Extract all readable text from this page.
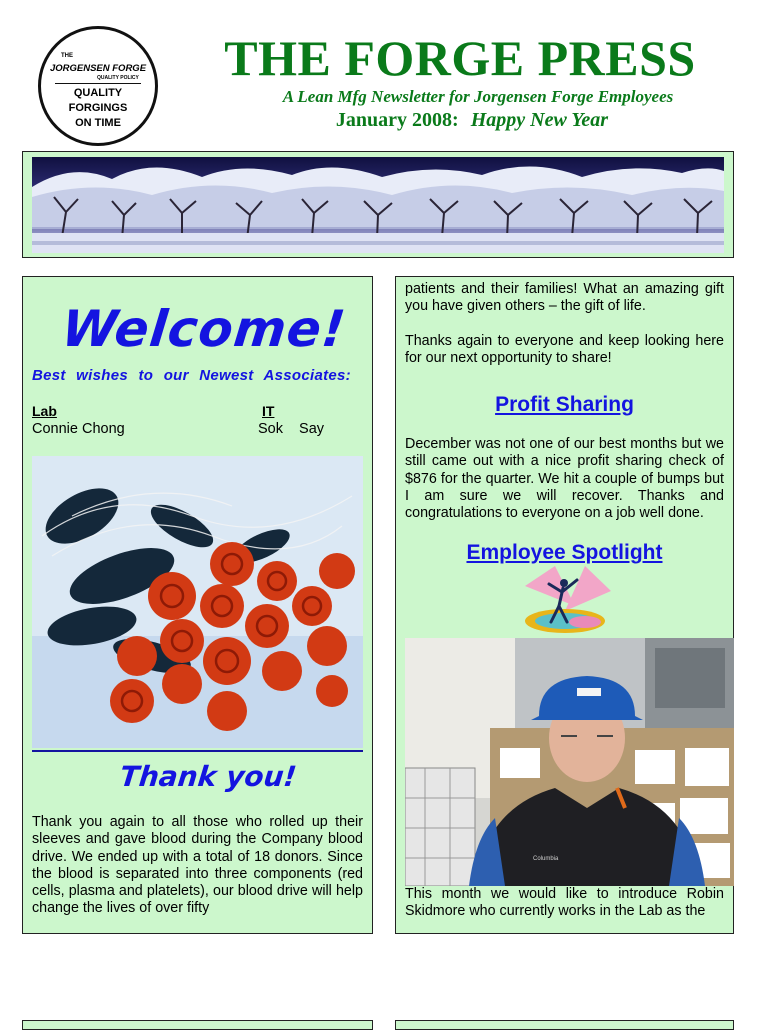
THE
JORGENSEN FORGE
QUALITY POLICY
QUALITY
FORGINGS
ON TIME
THE FORGE PRESS
A Lean Mfg Newsletter for Jorgensen Forge Employees
January 2008: Happy New Year
Welcome!
Best wishes to our Newest Associates:
Lab	IT
Connie Chong	Sok  Say
Thank you!
Thank you again to all those who rolled up their sleeves and gave blood during the Company blood drive. We ended up with a total of 18 donors. Since the blood is separated into three components (red cells, plasma and platelets), our blood drive will help change the lives of over fifty
patients and their families! What an amazing gift you have given others – the gift of life.
Thanks again to everyone and keep looking here for our next opportunity to share!
Profit Sharing
December was not one of our best months but we still came out with a nice profit sharing check of $876 for the quarter. We hit a couple of bumps but I am sure we will recover. Thanks and congratulations to everyone on a job well done.
Employee Spotlight
Columbia
This month we would like to introduce Robin Skidmore who currently works in the Lab as the
